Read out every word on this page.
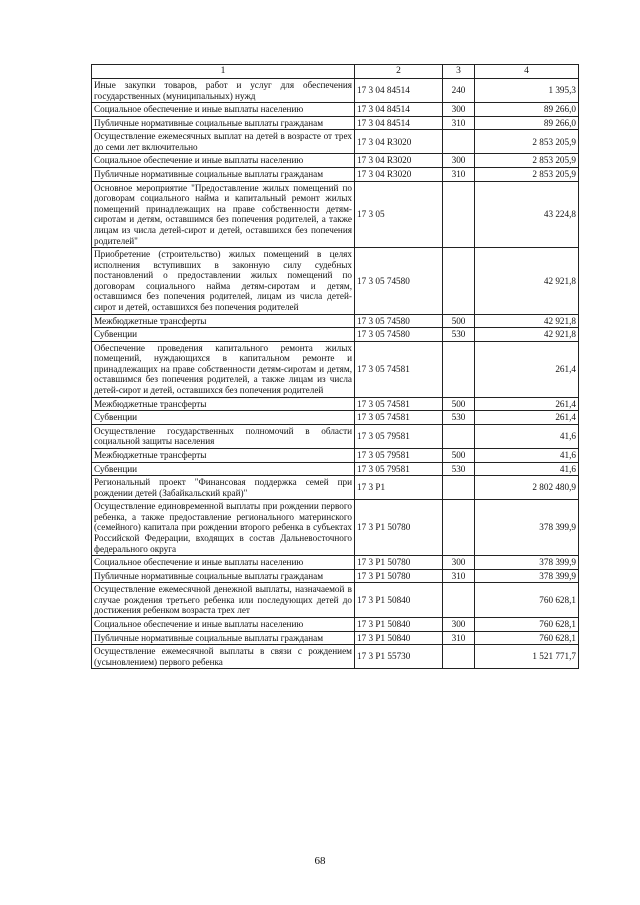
1	2	3	4
Иные закупки товаров, работ и услуг для обеспечения государственных (муниципальных) нужд	17 3 04 84514	240	1 395,3
Социальное обеспечение и иные выплаты населению	17 3 04 84514	300	89 266,0
Публичные нормативные социальные выплаты гражданам	17 3 04 84514	310	89 266,0
Осуществление ежемесячных выплат на детей в возрасте от трех до семи лет включительно	17 3 04 R3020		2 853 205,9
Социальное обеспечение и иные выплаты населению	17 3 04 R3020	300	2 853 205,9
Публичные нормативные социальные выплаты гражданам	17 3 04 R3020	310	2 853 205,9
Основное мероприятие "Предоставление жилых помещений по договорам социального найма и капитальный ремонт жилых помещений принадлежащих на праве собственности детям-сиротам и детям, оставшимся без попечения родителей, а также лицам из числа детей-сирот и детей, оставшихся без попечения родителей"	17 3 05		43 224,8
Приобретение (строительство) жилых помещений в целях исполнения вступивших в законную силу судебных постановлений о предоставлении жилых помещений по договорам социального найма детям-сиротам и детям, оставшимся без попечения родителей, лицам из числа детей-сирот и детей, оставшихся без попечения родителей	17 3 05 74580		42 921,8
Межбюджетные трансферты	17 3 05 74580	500	42 921,8
Субвенции	17 3 05 74580	530	42 921,8
Обеспечение проведения капитального ремонта жилых помещений, нуждающихся в капитальном ремонте и принадлежащих на праве собственности детям-сиротам и детям, оставшимся без попечения родителей, а также лицам из числа детей-сирот и детей, оставшихся без попечения родителей	17 3 05 74581		261,4
Межбюджетные трансферты	17 3 05 74581	500	261,4
Субвенции	17 3 05 74581	530	261,4
Осуществление государственных полномочий в области социальной защиты населения	17 3 05 79581		41,6
Межбюджетные трансферты	17 3 05 79581	500	41,6
Субвенции	17 3 05 79581	530	41,6
Региональный проект "Финансовая поддержка семей при рождении детей (Забайкальский край)"	17 3 P1		2 802 480,9
Осуществление единовременной выплаты при рождении первого ребенка, а также предоставление регионального материнского (семейного) капитала при рождении второго ребенка в субъектах Российской Федерации, входящих в состав Дальневосточного федерального округа	17 3 P1 50780		378 399,9
Социальное обеспечение и иные выплаты населению	17 3 P1 50780	300	378 399,9
Публичные нормативные социальные выплаты гражданам	17 3 P1 50780	310	378 399,9
Осуществление ежемесячной денежной выплаты, назначаемой в случае рождения третьего ребенка или последующих детей до достижения ребенком возраста трех лет	17 3 P1 50840		760 628,1
Социальное обеспечение и иные выплаты населению	17 3 P1 50840	300	760 628,1
Публичные нормативные социальные выплаты гражданам	17 3 P1 50840	310	760 628,1
Осуществление ежемесячной выплаты в связи с рождением (усыновлением) первого ребенка	17 3 P1 55730		1 521 771,7
68
